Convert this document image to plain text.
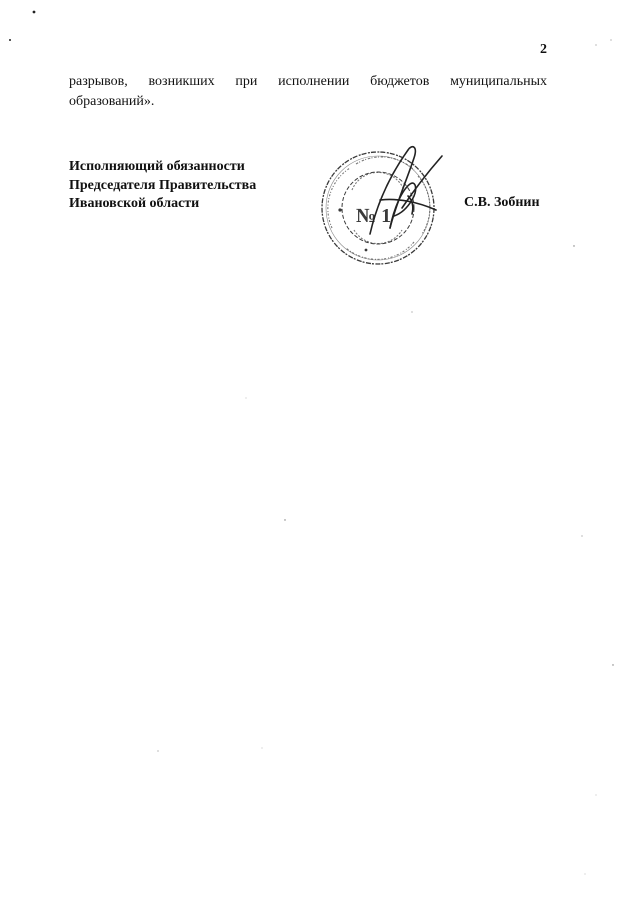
2
разрывов, возникших при исполнении бюджетов муниципальных
образований».
Исполняющий обязанности
Председателя Правительства
Ивановской области	С.В. Зобнин
№ 1
